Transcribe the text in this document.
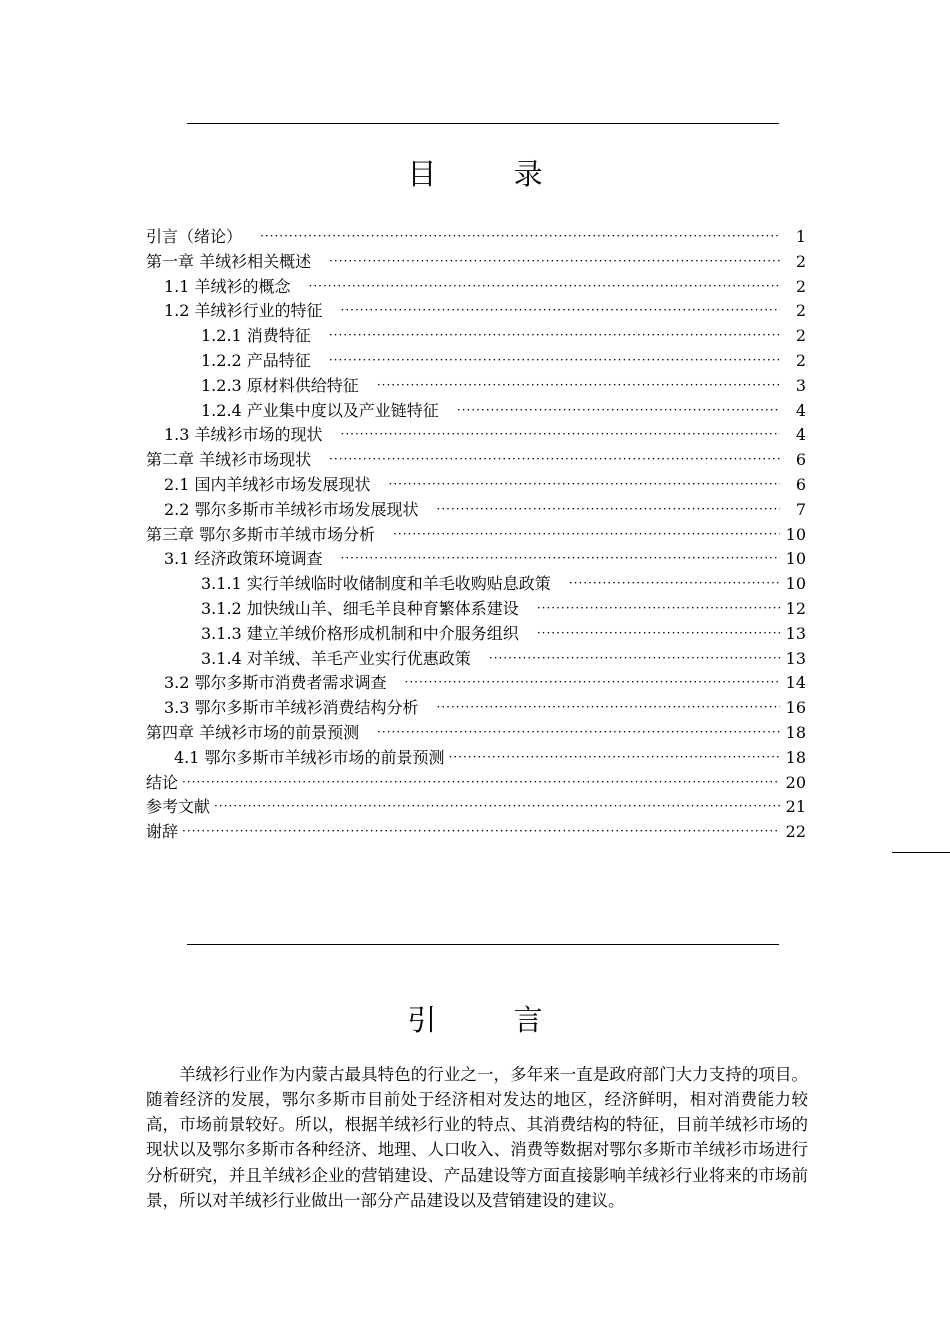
目 录
引言（绪论） ·····	1
第一章 羊绒衫相关概述 ·····	2
1.1 羊绒衫的概念 ·····	2
1.2 羊绒衫行业的特征 ·····	2
1.2.1 消费特征 ·····	2
1.2.2 产品特征 ·····	2
1.2.3 原材料供给特征 ·····	3
1.2.4 产业集中度以及产业链特征 ·····	4
1.3 羊绒衫市场的现状 ·····	4
第二章 羊绒衫市场现状 ·····	6
2.1 国内羊绒衫市场发展现状 ·····	6
2.2 鄂尔多斯市羊绒衫市场发展现状 ·····	7
第三章 鄂尔多斯市羊绒市场分析 ·····	10
3.1 经济政策环境调查 ·····	10
3.1.1 实行羊绒临时收储制度和羊毛收购贴息政策 ·····	10
3.1.2 加快绒山羊、细毛羊良种育繁体系建设 ·····	12
3.1.3 建立羊绒价格形成机制和中介服务组织 ·····	13
3.1.4 对羊绒、羊毛产业实行优惠政策 ·····	13
3.2 鄂尔多斯市消费者需求调查 ·····	14
3.3 鄂尔多斯市羊绒衫消费结构分析 ·····	16
第四章 羊绒衫市场的前景预测 ·····	18
4.1 鄂尔多斯市羊绒衫市场的前景预测 ·····	18
结论 ·····	20
参考文献 ·····	21
谢辞 ·····	22
引 言

羊绒衫行业作为内蒙古最具特色的行业之一，多年来一直是政府部门大力支持的项目。随着经济的发展，鄂尔多斯市目前处于经济相对发达的地区，经济鲜明，相对消费能力较高，市场前景较好。所以，根据羊绒衫行业的特点、其消费结构的特征，目前羊绒衫市场的现状以及鄂尔多斯市各种经济、地理、人口收入、消费等数据对鄂尔多斯市羊绒衫市场进行分析研究，并且羊绒衫企业的营销建设、产品建设等方面直接影响羊绒衫行业将来的市场前景，所以对羊绒衫行业做出一部分产品建设以及营销建设的建议。
